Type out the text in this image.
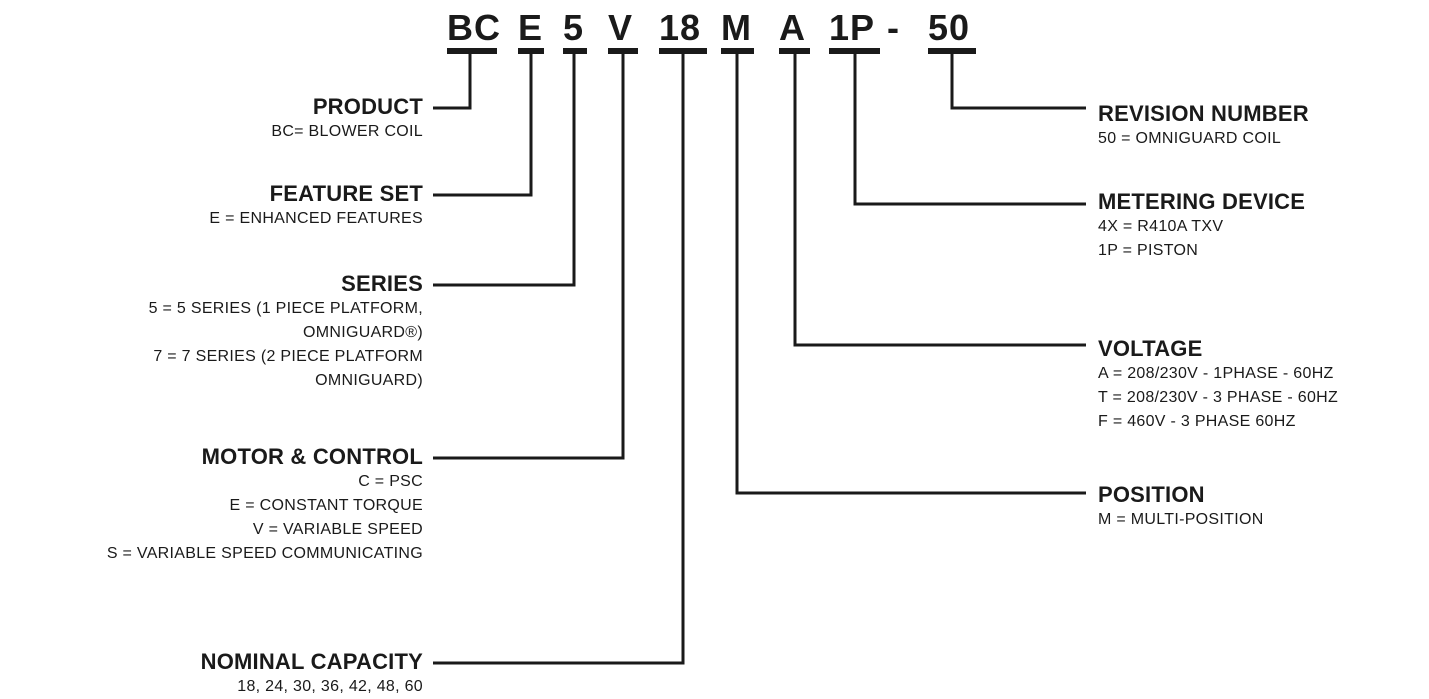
BC E 5 V 18 M A 1P - 50
PRODUCT
BC= BLOWER COIL
FEATURE SET
E = ENHANCED FEATURES
SERIES
5 = 5 SERIES (1 PIECE PLATFORM,
OMNIGUARD®)
7 = 7 SERIES (2 PIECE PLATFORM
OMNIGUARD)
MOTOR & CONTROL
C = PSC
E = CONSTANT TORQUE
V = VARIABLE SPEED
S = VARIABLE SPEED COMMUNICATING
NOMINAL CAPACITY
18, 24, 30, 36, 42, 48, 60
REVISION NUMBER
50 = OMNIGUARD COIL
METERING DEVICE
4X = R410A TXV
1P = PISTON
VOLTAGE
A = 208/230V - 1PHASE - 60HZ
T = 208/230V - 3 PHASE - 60HZ
F = 460V - 3 PHASE 60HZ
POSITION
M = MULTI-POSITION
